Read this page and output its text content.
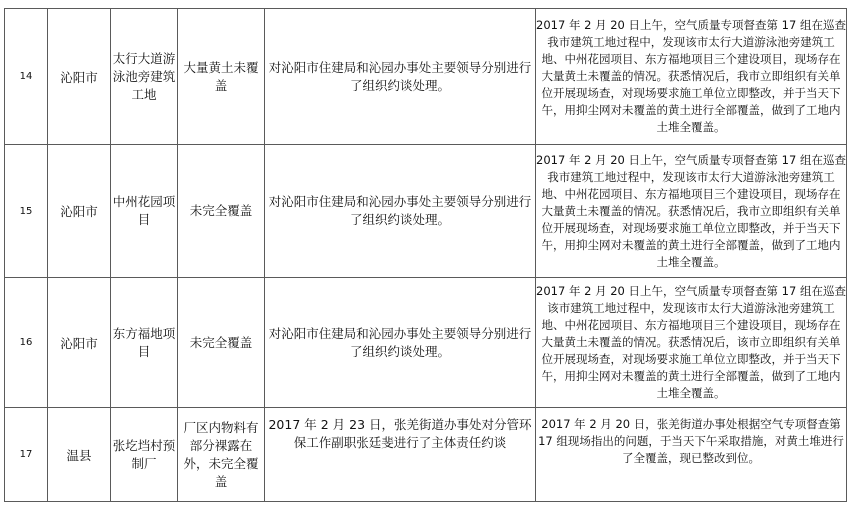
14	沁阳市	太行大道游泳池旁建筑工地	大量黄土未覆盖	对沁阳市住建局和沁园办事处主要领导分别进行了组织约谈处理。	2017 年 2 月 20 日上午，空气质量专项督查第 17 组在巡查我市建筑工地过程中，发现该市太行大道游泳池旁建筑工地、中州花园项目、东方福地项目三个建设项目，现场存在大量黄土未覆盖的情况。获悉情况后，我市立即组织有关单位开展现场查，对现场要求施工单位立即整改，并于当天下午，用抑尘网对未覆盖的黄土进行全部覆盖，做到了工地内土堆全覆盖。
15	沁阳市	中州花园项目	未完全覆盖	对沁阳市住建局和沁园办事处主要领导分别进行了组织约谈处理。	2017 年 2 月 20 日上午，空气质量专项督查第 17 组在巡查我市建筑工地过程中，发现该市太行大道游泳池旁建筑工地、中州花园项目、东方福地项目三个建设项目，现场存在大量黄土未覆盖的情况。获悉情况后，我市立即组织有关单位开展现场查，对现场要求施工单位立即整改，并于当天下午，用抑尘网对未覆盖的黄土进行全部覆盖，做到了工地内土堆全覆盖。
16	沁阳市	东方福地项目	未完全覆盖	对沁阳市住建局和沁园办事处主要领导分别进行了组织约谈处理。	2017 年 2 月 20 日上午，空气质量专项督查第 17 组在巡查该市建筑工地过程中，发现该市太行大道游泳池旁建筑工地、中州花园项目、东方福地项目三个建设项目，现场存在大量黄土未覆盖的情况。获悉情况后，该市立即组织有关单位开展现场查，对现场要求施工单位立即整改，并于当天下午，用抑尘网对未覆盖的黄土进行全部覆盖，做到了工地内土堆全覆盖。
17	温县	张圪垱村预制厂	厂区内物料有部分裸露在外，未完全覆盖	2017 年 2 月 23 日，张羌街道办事处对分管环保工作副职张廷斐进行了主体责任约谈	2017 年 2 月 20 日，张羌街道办事处根据空气专项督查第 17 组现场指出的问题，于当天下午采取措施，对黄土堆进行了全覆盖，现已整改到位。
